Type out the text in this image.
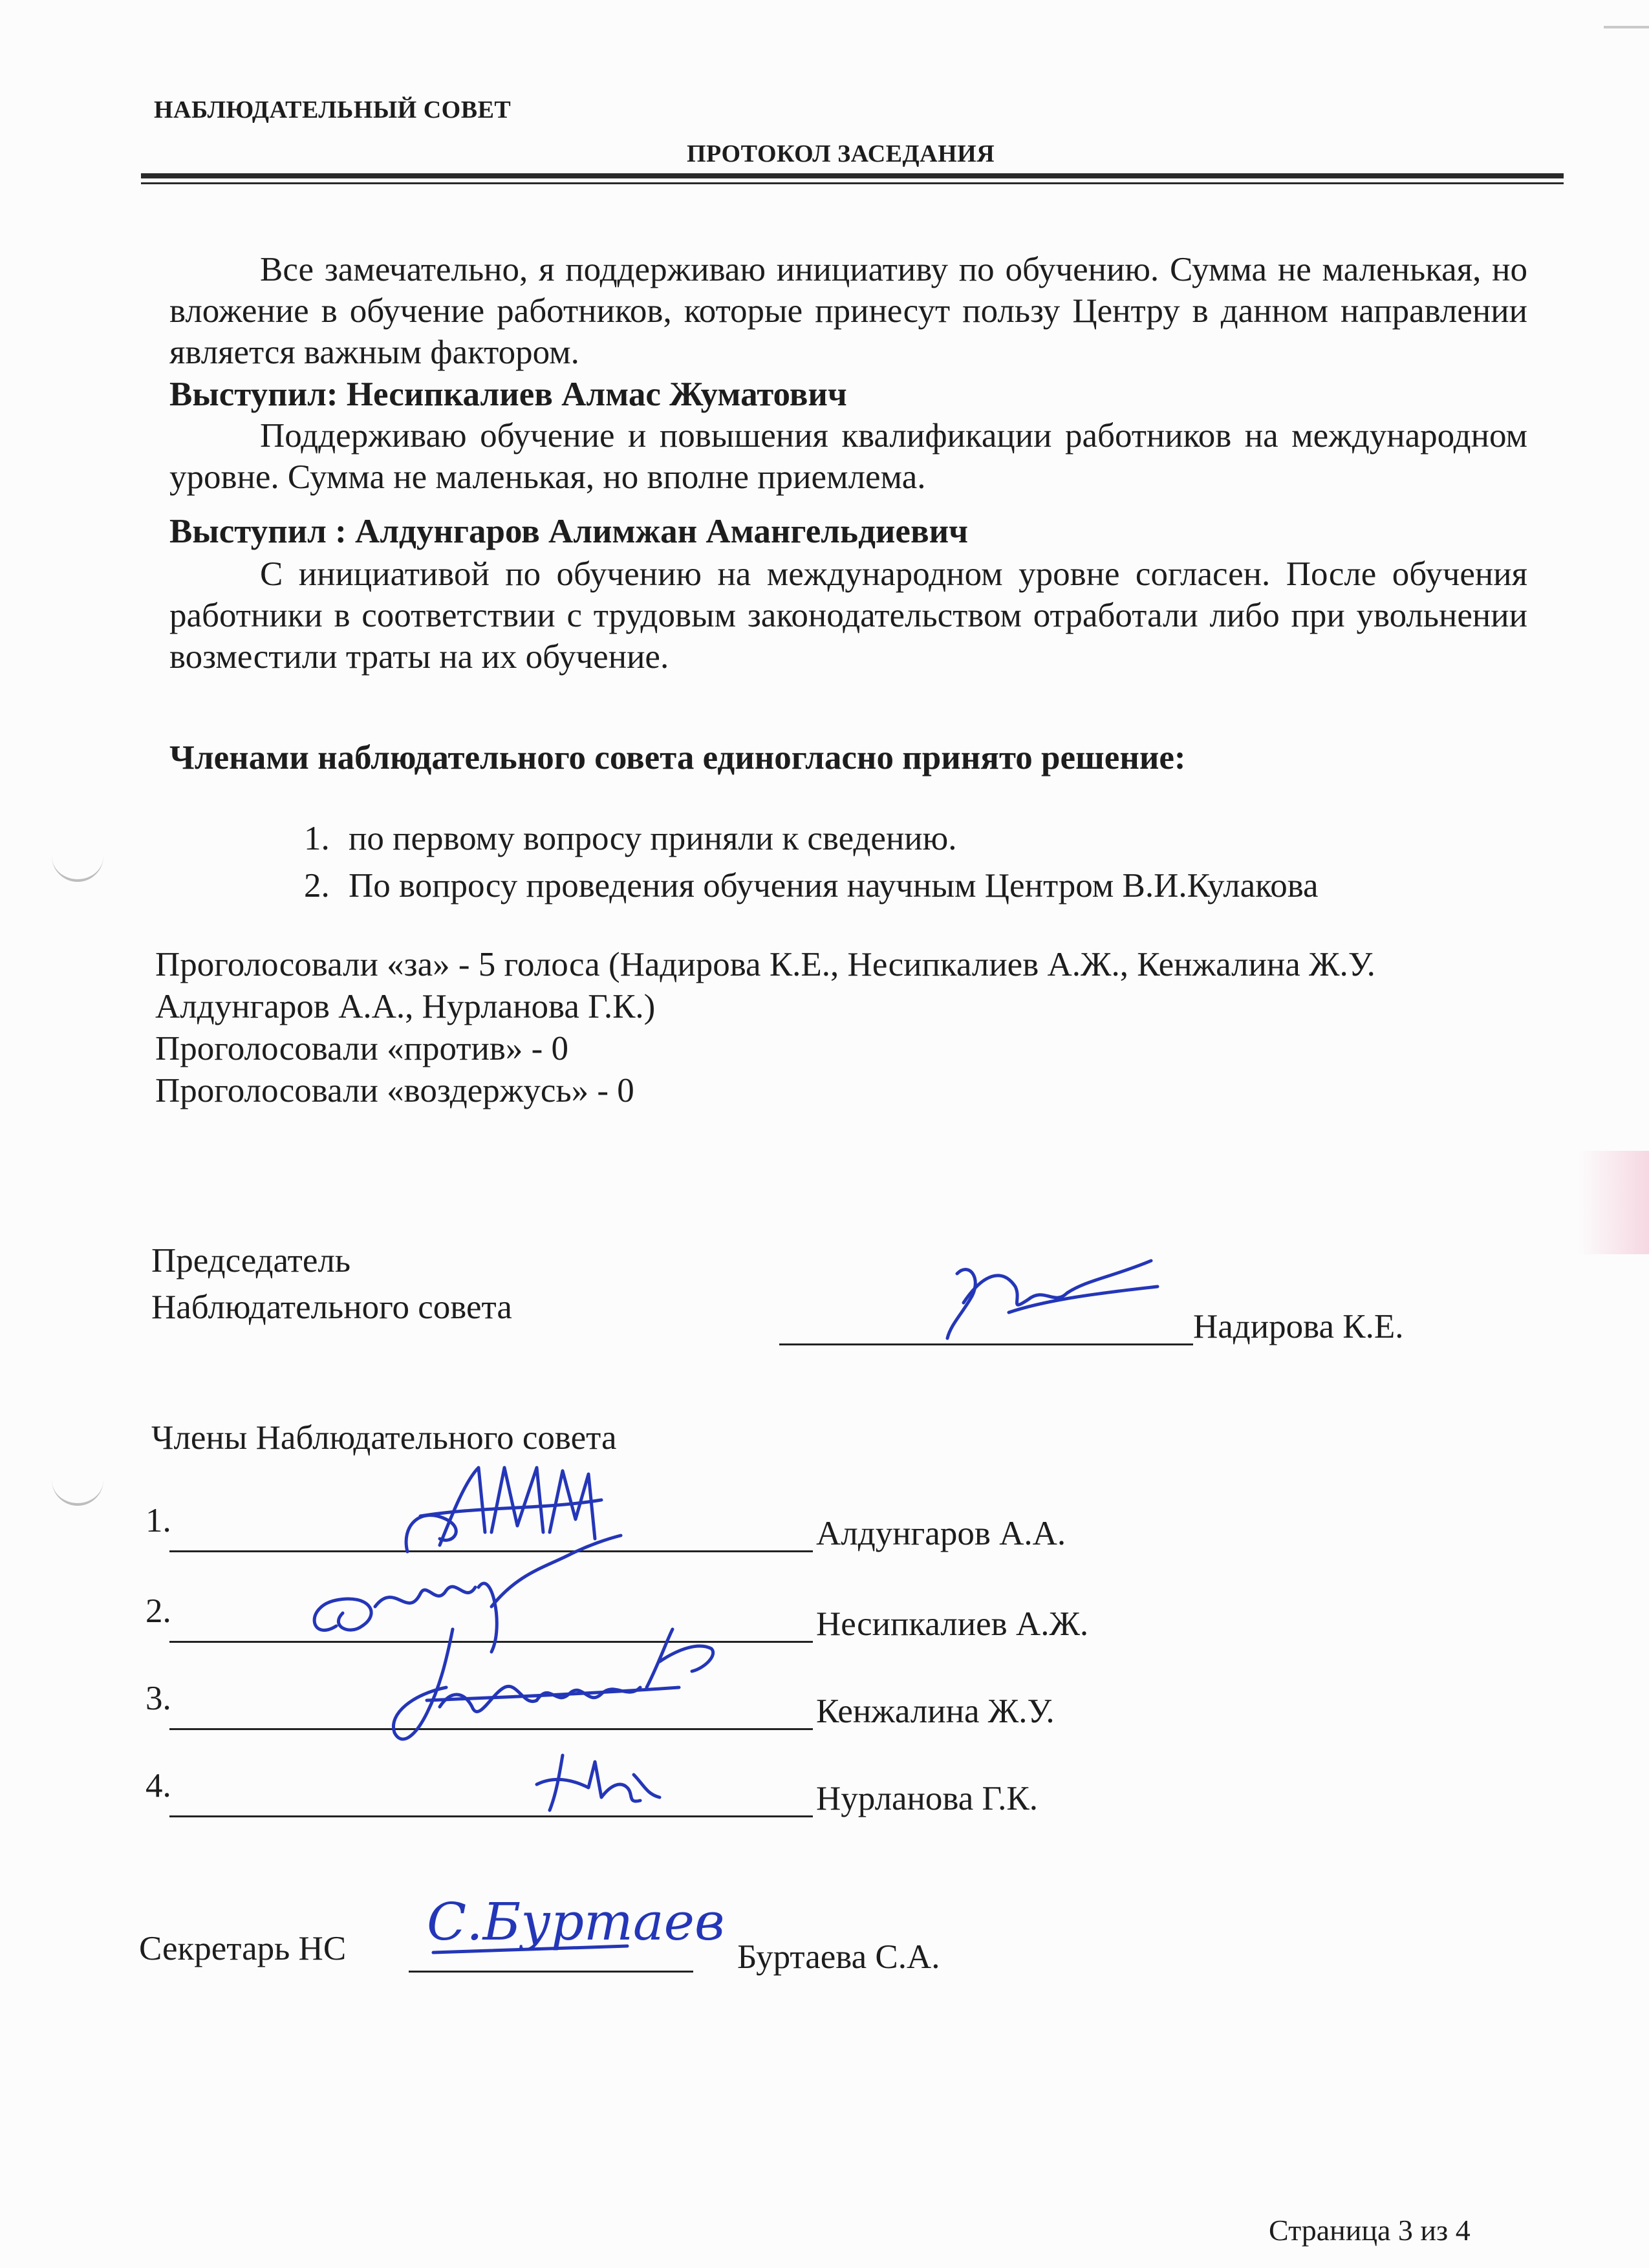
НАБЛЮДАТЕЛЬНЫЙ СОВЕТ
ПРОТОКОЛ ЗАСЕДАНИЯ
Все замечательно, я поддерживаю инициативу по обучению. Сумма не маленькая, но вложение в обучение работников, которые принесут пользу Центру в данном направлении является важным фактором.
Выступил: Несипкалиев Алмас Жуматович
Поддерживаю обучение и повышения квалификации работников на международном уровне. Сумма не маленькая, но вполне приемлема.
Выступил : Алдунгаров Алимжан Амангельдиевич
С инициативой по обучению на международном уровне согласен. После обучения работники в соответствии с трудовым законодательством отработали либо при увольнении возместили траты на их обучение.
Членами наблюдательного совета единогласно принято решение:
1. по первому вопросу приняли к сведению.
2. По вопросу проведения обучения научным Центром В.И.Кулакова
Проголосовали «за» - 5 голоса (Надирова К.Е., Несипкалиев А.Ж., Кенжалина Ж.У.
Алдунгаров А.А., Нурланова Г.К.)
Проголосовали «против» - 0
Проголосовали «воздержусь» - 0
Председатель
Наблюдательного совета
Надирова К.Е.
Члены Наблюдательного совета
1.	Алдунгаров А.А.
2.	Несипкалиев А.Ж.
3.	Кенжалина Ж.У.
4.	Нурланова Г.К.
Секретарь НС С.Буртаев
Буртаева С.А.
Страница 3 из 4
